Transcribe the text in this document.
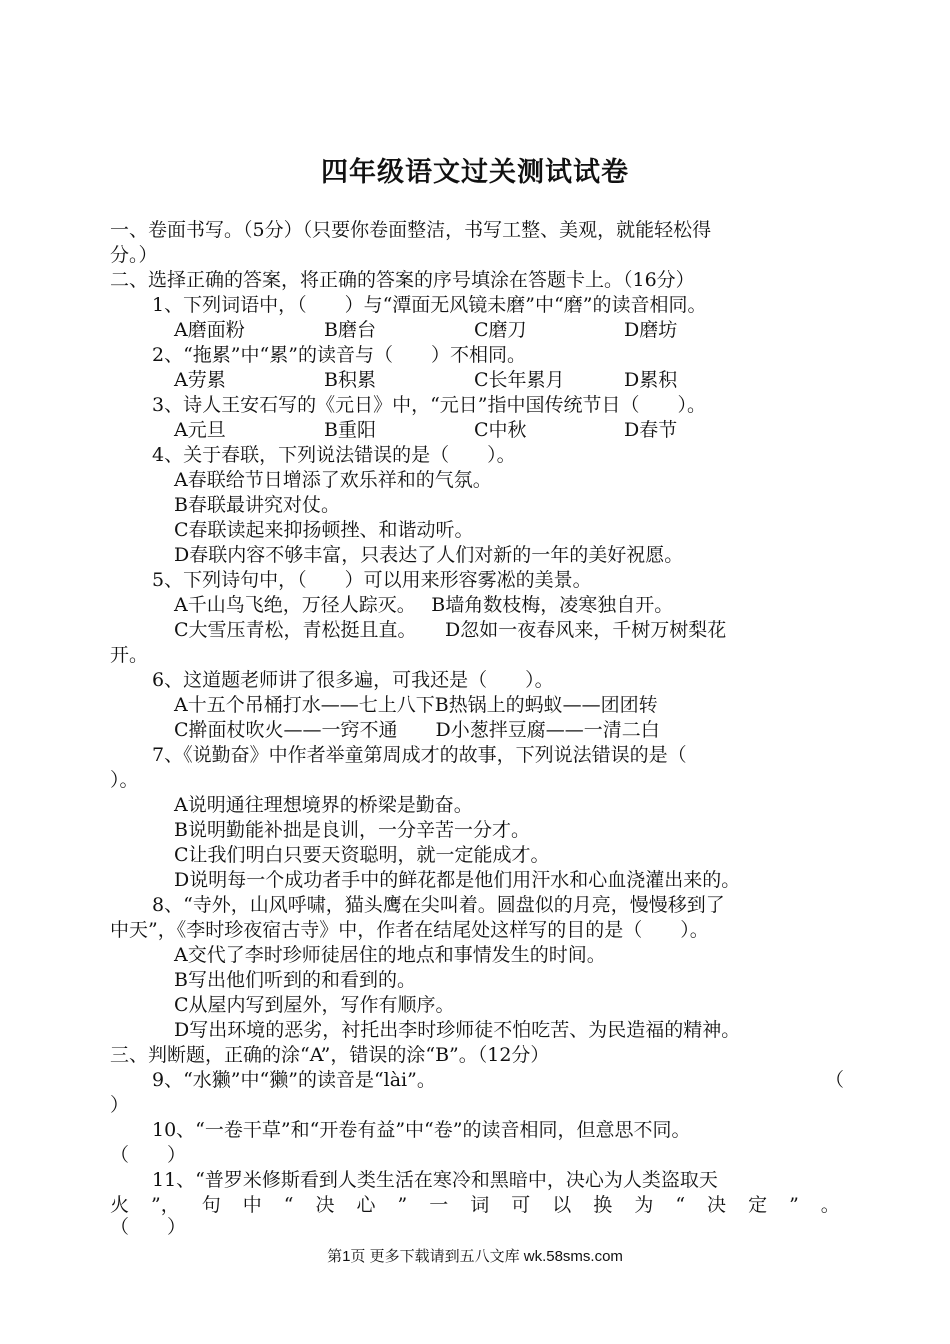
四年级语文过关测试试卷
一、卷面书写。（5分）（只要你卷面整洁，书写工整、美观，就能轻松得
分。）
二、选择正确的答案，将正确的答案的序号填涂在答题卡上。（16分）
1、下列词语中，（　　）与“潭面无风镜未磨”中“磨”的读音相同。
A磨面粉	B磨台	C磨刀	D磨坊
2、“拖累”中“累”的读音与（　　）不相同。
A劳累	B积累	C长年累月	D累积
3、诗人王安石写的《元日》中，“元日”指中国传统节日（　　）。
A元旦	B重阳	C中秋	D春节
4、关于春联，下列说法错误的是（　　）。
A春联给节日增添了欢乐祥和的气氛。
B春联最讲究对仗。
C春联读起来抑扬顿挫、和谐动听。
D春联内容不够丰富，只表达了人们对新的一年的美好祝愿。
5、下列诗句中，（　　）可以用来形容雾凇的美景。
A千山鸟飞绝，万径人踪灭。　 B墙角数枝梅，凌寒独自开。
C大雪压青松，青松挺且直。　　D忽如一夜春风来，千树万树梨花
开。
6、这道题老师讲了很多遍，可我还是（　　）。
A十五个吊桶打水——七上八下B热锅上的蚂蚁——团团转
C擀面杖吹火——一窍不通　　D小葱拌豆腐——一清二白
7、《说勤奋》中作者举童第周成才的故事，下列说法错误的是（
）。
A说明通往理想境界的桥梁是勤奋。
B说明勤能补拙是良训，一分辛苦一分才。
C让我们明白只要天资聪明，就一定能成才。
D说明每一个成功者手中的鲜花都是他们用汗水和心血浇灌出来的。
8、“寺外，山风呼啸，猫头鹰在尖叫着。圆盘似的月亮，慢慢移到了
中天”，《李时珍夜宿古寺》中，作者在结尾处这样写的目的是（　　）。
A交代了李时珍师徒居住的地点和事情发生的时间。
B写出他们听到的和看到的。
C从屋内写到屋外，写作有顺序。
D写出环境的恶劣，衬托出李时珍师徒不怕吃苦、为民造福的精神。
三、判断题，正确的涂“A”，错误的涂“B”。（12分）
9、“水獭”中“獭”的读音是“lài”。	（
）
10、“一卷干草”和“开卷有益”中“卷”的读音相同，但意思不同。
（　　）
11、“普罗米修斯看到人类生活在寒冷和黑暗中，决心为人类盗取天
火 ”， 句 中 “ 决 心 ” 一 词 可 以 换 为 “ 决 定 ” 。
（　　）
第1页 更多下载请到五八文库 wk.58sms.com
